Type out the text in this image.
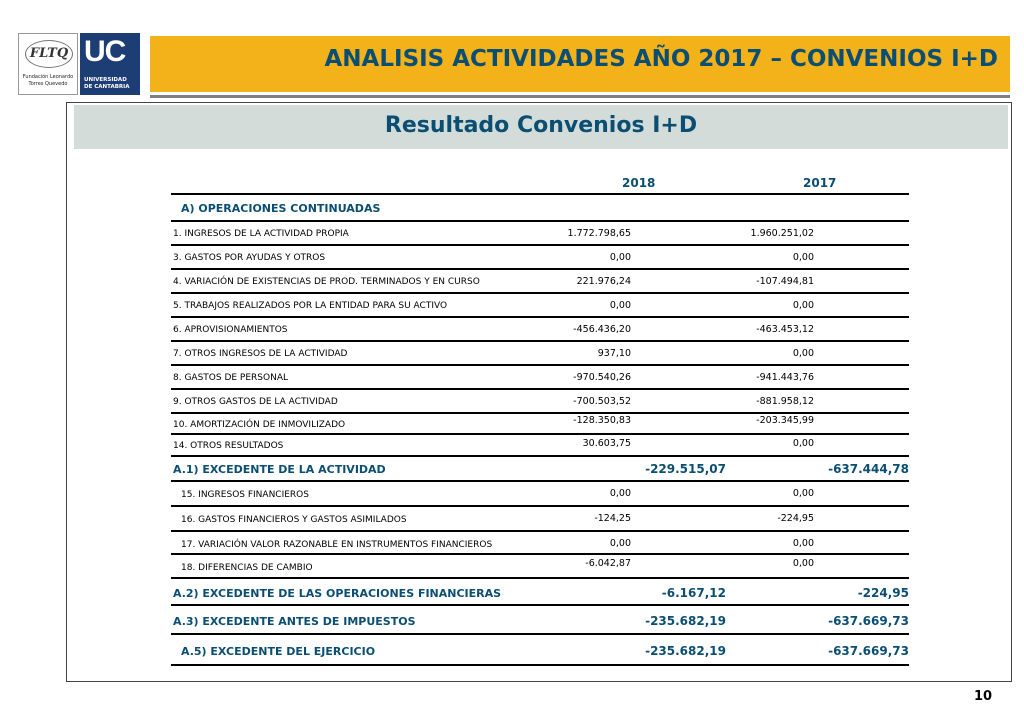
FLTQ
Fundación Leonardo
Torres Quevedo
UC
UNIVERSIDAD
DE CANTABRIA
ANALISIS ACTIVIDADES AÑO 2017 – CONVENIOS I+D
Resultado Convenios I+D
2018	2017
A) OPERACIONES CONTINUADAS
1. INGRESOS DE LA ACTIVIDAD PROPIA	1.772.798,65	1.960.251,02
3. GASTOS POR AYUDAS Y OTROS	0,00	0,00
4. VARIACIÓN DE EXISTENCIAS DE PROD. TERMINADOS Y EN CURSO	221.976,24	-107.494,81
5. TRABAJOS REALIZADOS POR LA ENTIDAD PARA SU ACTIVO	0,00	0,00
6. APROVISIONAMIENTOS	-456.436,20	-463.453,12
7. OTROS INGRESOS DE LA ACTIVIDAD	937,10	0,00
8. GASTOS DE PERSONAL	-970.540,26	-941.443,76
9. OTROS GASTOS DE LA ACTIVIDAD	-700.503,52	-881.958,12
10. AMORTIZACIÓN DE INMOVILIZADO	-128.350,83	-203.345,99
14. OTROS RESULTADOS	30.603,75	0,00
A.1) EXCEDENTE DE LA ACTIVIDAD	-229.515,07	-637.444,78
15. INGRESOS FINANCIEROS	0,00	0,00
16. GASTOS FINANCIEROS Y GASTOS ASIMILADOS	-124,25	-224,95
17. VARIACIÓN VALOR RAZONABLE EN INSTRUMENTOS FINANCIEROS	0,00	0,00
18. DIFERENCIAS DE CAMBIO	-6.042,87	0,00
A.2) EXCEDENTE DE LAS OPERACIONES FINANCIERAS	-6.167,12	-224,95
A.3) EXCEDENTE ANTES DE IMPUESTOS	-235.682,19	-637.669,73
A.5) EXCEDENTE DEL EJERCICIO	-235.682,19	-637.669,73
10
